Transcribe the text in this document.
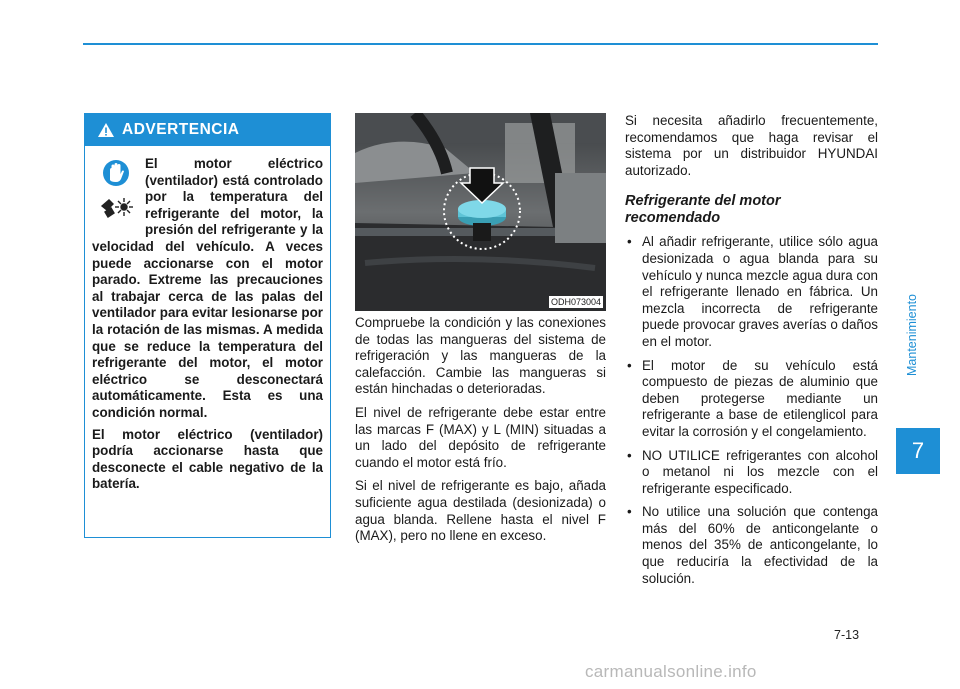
ADVERTENCIA

El motor eléctrico (ventilador) está controlado por la temperatura del refrigerante del motor, la presión del refrigerante y la velocidad del vehículo. A veces puede accionarse con el motor parado. Extreme las precauciones al trabajar cerca de las palas del ventilador para evitar lesionarse por la rotación de las mismas. A medida que se reduce la temperatura del refrigerante del motor, el motor eléctrico se desconectará automáticamente. Esta es una condición normal.

El motor eléctrico (ventilador) podría accionarse hasta que desconecte el cable negativo de la batería.

ODH073004

Compruebe la condición y las conexiones de todas las mangueras del sistema de refrigeración y las mangueras de la calefacción. Cambie las mangueras si están hinchadas o deterioradas.

El nivel de refrigerante debe estar entre las marcas F (MAX) y L (MIN) situadas a un lado del depósito de refrigerante cuando el motor está frío.

Si el nivel de refrigerante es bajo, añada suficiente agua destilada (desionizada) o agua blanda. Rellene hasta el nivel F (MAX), pero no llene en exceso.

Si necesita añadirlo frecuentemente, recomendamos que haga revisar el sistema por un distribuidor HYUNDAI autorizado.

Refrigerante del motor recomendado
• Al añadir refrigerante, utilice sólo agua desionizada o agua blanda para su vehículo y nunca mezcle agua dura con el refrigerante llenado en fábrica. Un mezcla incorrecta de refrigerante puede provocar graves averías o daños en el motor.
• El motor de su vehículo está compuesto de piezas de aluminio que deben protegerse mediante un refrigerante a base de etilenglicol para evitar la corrosión y el congelamiento.
• NO UTILICE refrigerantes con alcohol o metanol ni los mezcle con el refrigerante especificado.
• No utilice una solución que contenga más del 60% de anticongelante o menos del 35% de anticongelante, lo que reduciría la efectividad de la solución.
Mantenimiento
7
7-13
carmanualsonline.info
